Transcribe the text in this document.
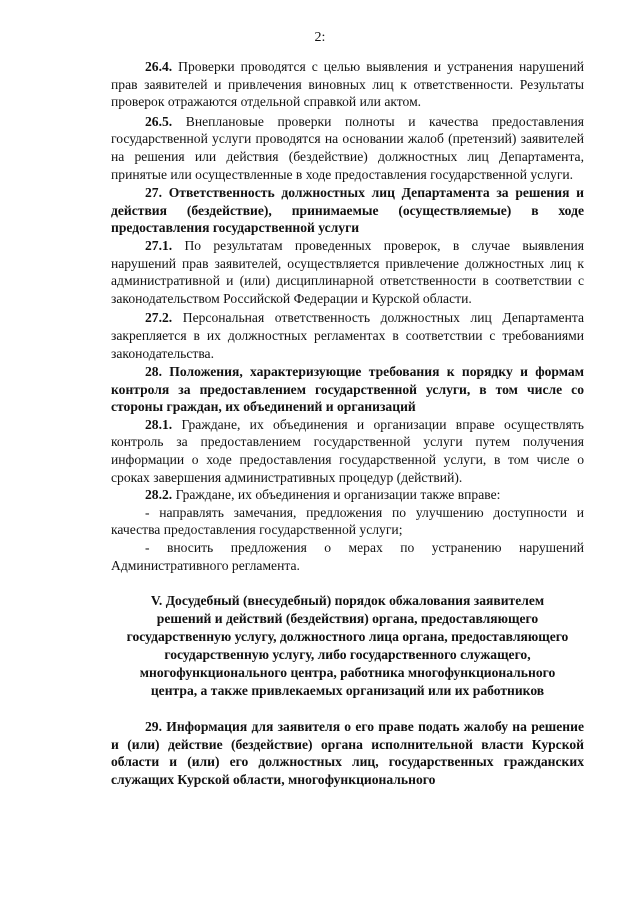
2:

26.4. Проверки проводятся с целью выявления и устранения нарушений прав заявителей и привлечения виновных лиц к ответственности. Результаты проверок отражаются отдельной справкой или актом.

26.5. Внеплановые проверки полноты и качества предоставления государственной услуги проводятся на основании жалоб (претензий) заявителей на решения или действия (бездействие) должностных лиц Департамента, принятые или осуществленные в ходе предоставления государственной услуги.

27. Ответственность должностных лиц Департамента за решения и действия (бездействие), принимаемые (осуществляемые) в ходе предоставления государственной услуги

27.1. По результатам проведенных проверок, в случае выявления нарушений прав заявителей, осуществляется привлечение должностных лиц к административной и (или) дисциплинарной ответственности в соответствии с законодательством Российской Федерации и Курской области.

27.2. Персональная ответственность должностных лиц Департамента закрепляется в их должностных регламентах в соответствии с требованиями законодательства.

28. Положения, характеризующие требования к порядку и формам контроля за предоставлением государственной услуги, в том числе со стороны граждан, их объединений и организаций

28.1. Граждане, их объединения и организации вправе осуществлять контроль за предоставлением государственной услуги путем получения информации о ходе предоставления государственной услуги, в том числе о сроках завершения административных процедур (действий).

28.2. Граждане, их объединения и организации также вправе:

- направлять замечания, предложения по улучшению доступности и качества предоставления государственной услуги;

- вносить предложения о мерах по устранению нарушений Административного регламента.

V. Досудебный (внесудебный) порядок обжалования заявителем
решений и действий (бездействия) органа, предоставляющего
государственную услугу, должностного лица органа, предоставляющего
государственную услугу, либо государственного служащего,
многофункционального центра, работника многофункционального
центра, а также привлекаемых организаций или их работников

29. Информация для заявителя о его праве подать жалобу на решение и (или) действие (бездействие) органа исполнительной власти Курской области и (или) его должностных лиц, государственных гражданских служащих Курской области, многофункционального
